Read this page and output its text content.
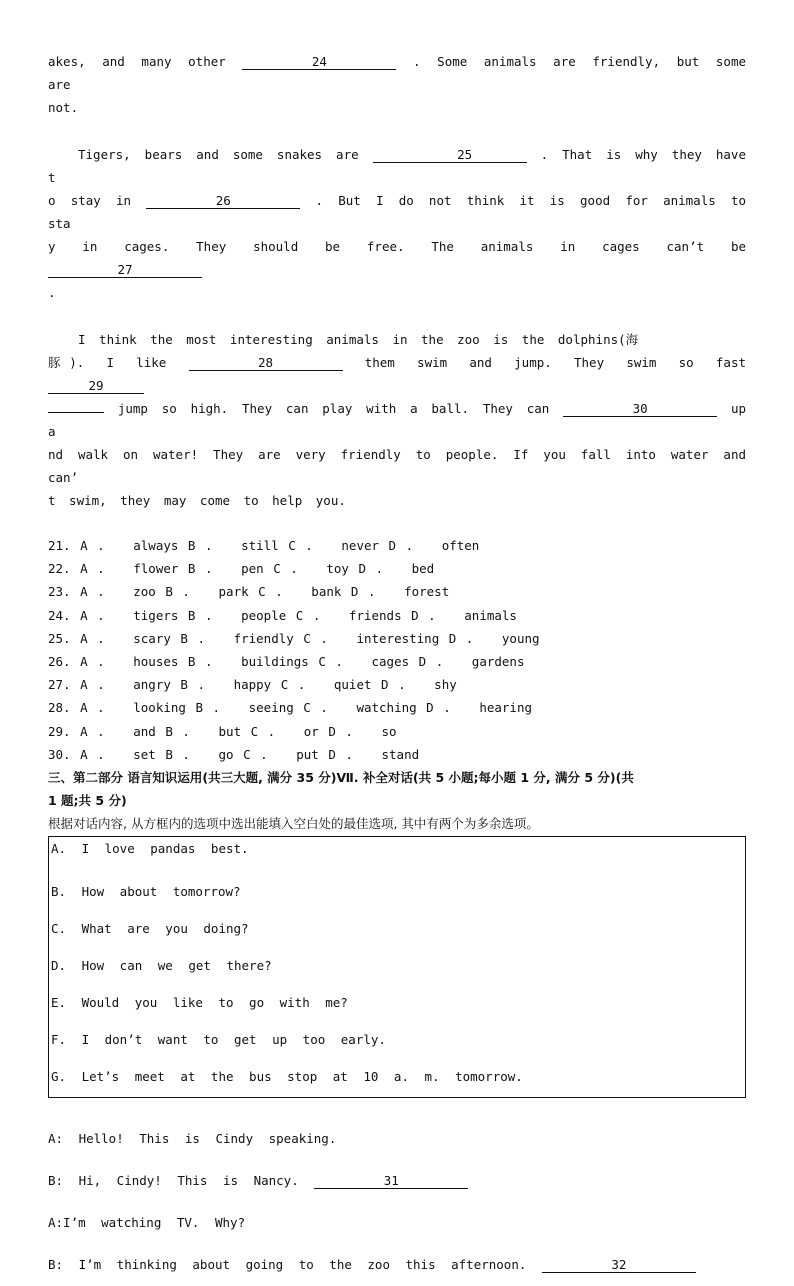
akes, and many other	24	. Some animals are friendly, but some are

not.

Tigers, bears and some snakes are	25	. That is why they have t

o stay in	26	. But I do not think it is good for animals to sta

y in cages. They should be free. The animals in cages can’t be 27

.

I think the most interesting animals in the zoo is the dolphins(海

豚). I like	28	them swim and jump. They swim so fast 29

jump so high. They can play with a ball. They can	30	up a

nd walk on water! They are very friendly to people. If you fall into water and can’

t swim, they may come to help you.

21. A .   always B .   still C .   never D .   often
22. A .   flower B .   pen C .   toy D .   bed
23. A .   zoo B .   park C .   bank D .   forest
24. A .   tigers B .   people C .   friends D .   animals
25. A .   scary B .   friendly C .   interesting D .   young
26. A .   houses B .   buildings C .   cages D .   gardens
27. A .   angry B .   happy C .   quiet D .   shy
28. A .   looking B .   seeing C .   watching D .   hearing
29. A .   and B .   but C .   or D .   so
30. A .   set B .   go C .   put D .   stand
三、第二部分 语言知识运用(共三大题, 满分 35 分)Ⅶ. 补全对话(共 5 小题;每小题 1 分, 满分 5 分)(共
1 题;共 5 分)
根据对话内容, 从方框内的选项中选出能填入空白处的最佳选项, 其中有两个为多余选项。
A. I love pandas best.
B. How about tomorrow?
C. What are you doing?
D. How can we get there?
E. Would you like to go with me?
F. I don’t want to get up too early.
G. Let’s meet at the bus stop at 10 a. m. tomorrow.
A: Hello! This is Cindy speaking.
B: Hi, Cindy! This is Nancy.	31
A:I’m watching TV. Why?
B: I’m thinking about going to the zoo this afternoon.	32
